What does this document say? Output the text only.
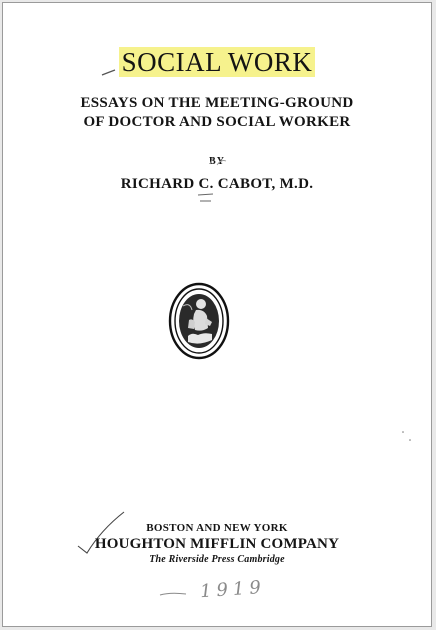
SOCIAL WORK
ESSAYS ON THE MEETING-GROUND
OF DOCTOR AND SOCIAL WORKER
BY
RICHARD C. CABOT, M.D.
BOSTON AND NEW YORK
HOUGHTON MIFFLIN COMPANY
The Riverside Press Cambridge
1919
